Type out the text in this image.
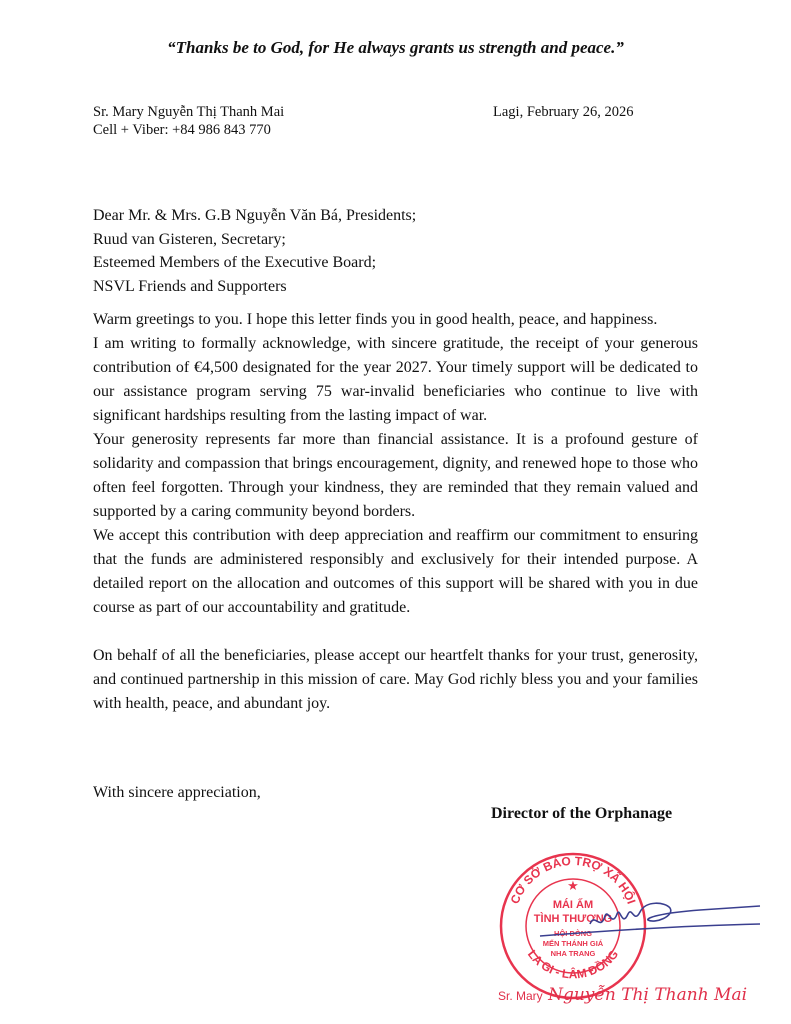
“Thanks be to God, for He always grants us strength and peace.”
Sr. Mary Nguyễn Thị Thanh Mai
Cell + Viber: +84 986 843 770
Lagi, February 26, 2026
Dear Mr. & Mrs. G.B Nguyễn Văn Bá, Presidents;
Ruud van Gisteren, Secretary;
Esteemed Members of the Executive Board;
NSVL Friends and Supporters

Warm greetings to you. I hope this letter finds you in good health, peace, and happiness.

I am writing to formally acknowledge, with sincere gratitude, the receipt of your generous contribution of €4,500 designated for the year 2027. Your timely support will be dedicated to our assistance program serving 75 war-invalid beneficiaries who continue to live with significant hardships resulting from the lasting impact of war.

Your generosity represents far more than financial assistance. It is a profound gesture of solidarity and compassion that brings encouragement, dignity, and renewed hope to those who often feel forgotten. Through your kindness, they are reminded that they remain valued and supported by a caring community beyond borders.

We accept this contribution with deep appreciation and reaffirm our commitment to ensuring that the funds are administered responsibly and exclusively for their intended purpose. A detailed report on the allocation and outcomes of this support will be shared with you in due course as part of our accountability and gratitude.

On behalf of all the beneficiaries, please accept our heartfelt thanks for your trust, generosity, and continued partnership in this mission of care. May God richly bless you and your families with health, peace, and abundant joy.

With sincere appreciation,
Director of the Orphanage
CƠ SỞ BẢO TRỢ XÃ HỘI
LA GI - LÂM ĐỒNG
★
MÁI ẤM
TÌNH THƯƠNG
HỘI DÒNG
MẾN THÁNH GIÁ
NHA TRANG
Sr. Mary Nguyễn Thị Thanh Mai
